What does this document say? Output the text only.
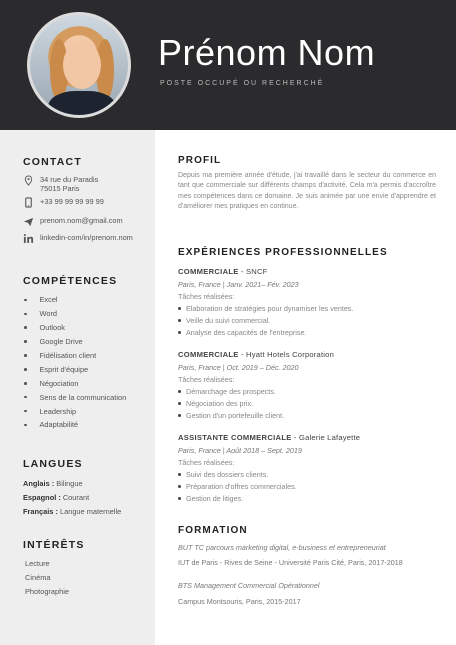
Prénom Nom
POSTE OCCUPÉ OU RECHERCHÉ
CONTACT
34 rue du Paradis
75015 Paris
+33 99 99 99 99 99
prenom.nom@gmail.com
linkedin-com/in/prenom.nom
COMPÉTENCES
Excel
Word
Outlook
Google Drive
Fidélisation client
Esprit d'équipe
Négociation
Sens de la communication
Leadership
Adaptabilité
LANGUES
Anglais : Bilingue
Espagnol : Courant
Français : Langue maternelle
INTÉRÊTS
Lecture
Cinéma
Photographie
PROFIL
Depuis ma première année d'étude, j'ai travaillé dans le secteur du commerce en tant que commerciale sur différents champs d'activité. Cela m'a permis d'accroître mes compétences dans ce domaine. Je suis animée par une envie d'apprendre et d'améliorer mes pratiques en continue.
EXPÉRIENCES PROFESSIONNELLES
COMMERCIALE - SNCF
Paris, France | Janv. 2021– Fév. 2023
Tâches réalisées:
Elaboration de stratégies pour dynamiser les ventes.
Veille du suivi commercial.
Analyse des capacités de l'entreprise.
COMMERCIALE - Hyatt Hotels Corporation
Paris, France | Oct. 2019 – Déc. 2020
Tâches réalisées:
Démarchage des prospects.
Négociation des prix.
Gestion d'un portefeuille client.
ASSISTANTE COMMERCIALE - Galerie Lafayette
Paris, France | Août 2018 – Sept. 2019
Tâches réalisées:
Suivi des dossiers clients.
Préparation d'offres commerciales.
Gestion de litiges.
FORMATION
BUT TC parcours marketing digital, e-business et entrepreneuriat
IUT de Paris - Rives de Seine - Université Paris Cité, Paris, 2017-2018
BTS Management Commercial Opérationnel
Campus Montsouris, Paris, 2015-2017
